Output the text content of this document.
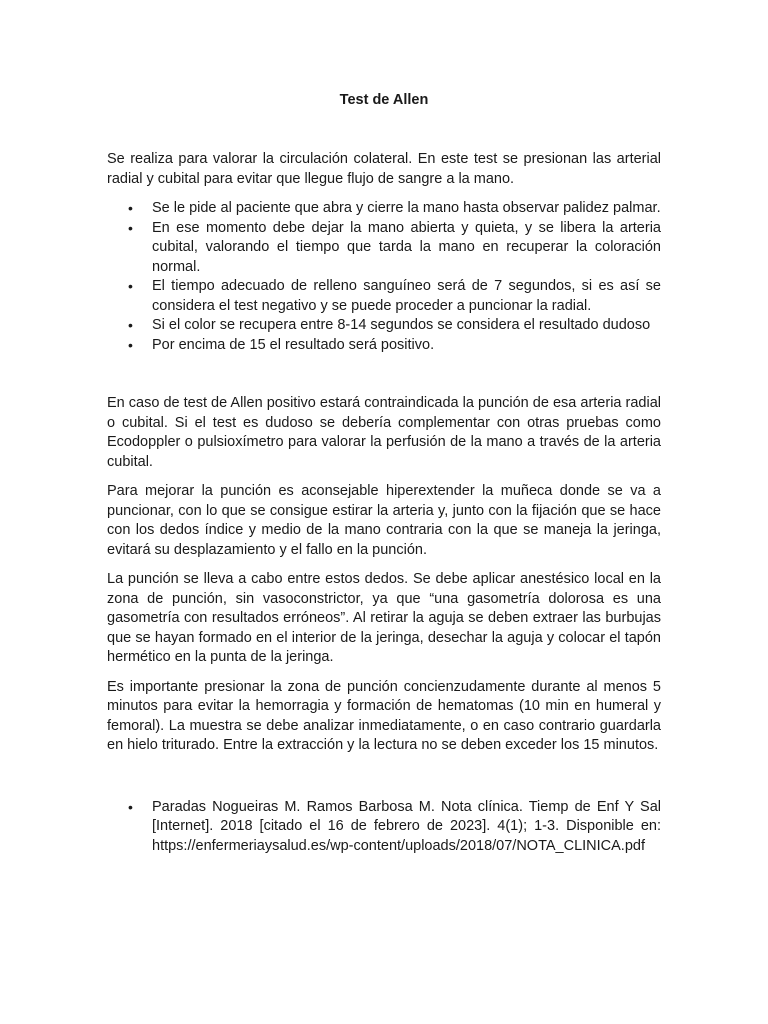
Test de Allen

Se realiza para valorar la circulación colateral. En este test se presionan las arterial radial y cubital para evitar que llegue flujo de sangre a la mano.

• Se le pide al paciente que abra y cierre la mano hasta observar palidez palmar.
• En ese momento debe dejar la mano abierta y quieta, y se libera la arteria cubital, valorando el tiempo que tarda la mano en recuperar la coloración normal.
• El tiempo adecuado de relleno sanguíneo será de 7 segundos, si es así se considera el test negativo y se puede proceder a puncionar la radial.
• Si el color se recupera entre 8-14 segundos se considera el resultado dudoso
• Por encima de 15 el resultado será positivo.

En caso de test de Allen positivo estará contraindicada la punción de esa arteria radial o cubital. Si el test es dudoso se debería complementar con otras pruebas como Ecodoppler o pulsioxímetro para valorar la perfusión de la mano a través de la arteria cubital.

Para mejorar la punción es aconsejable hiperextender la muñeca donde se va a puncionar, con lo que se consigue estirar la arteria y, junto con la fijación que se hace con los dedos índice y medio de la mano contraria con la que se maneja la jeringa, evitará su desplazamiento y el fallo en la punción.

La punción se lleva a cabo entre estos dedos. Se debe aplicar anestésico local en la zona de punción, sin vasoconstrictor, ya que “una gasometría dolorosa es una gasometría con resultados erróneos”. Al retirar la aguja se deben extraer las burbujas que se hayan formado en el interior de la jeringa, desechar la aguja y colocar el tapón hermético en la punta de la jeringa.

Es importante presionar la zona de punción concienzudamente durante al menos 5 minutos para evitar la hemorragia y formación de hematomas (10 min en humeral y femoral). La muestra se debe analizar inmediatamente, o en caso contrario guardarla en hielo triturado. Entre la extracción y la lectura no se deben exceder los 15 minutos.

• Paradas Nogueiras M. Ramos Barbosa M. Nota clínica. Tiemp de Enf Y Sal [Internet]. 2018 [citado el 16 de febrero de 2023]. 4(1); 1-3. Disponible en: https://enfermeriaysalud.es/wp-content/uploads/2018/07/NOTA_CLINICA.pdf
